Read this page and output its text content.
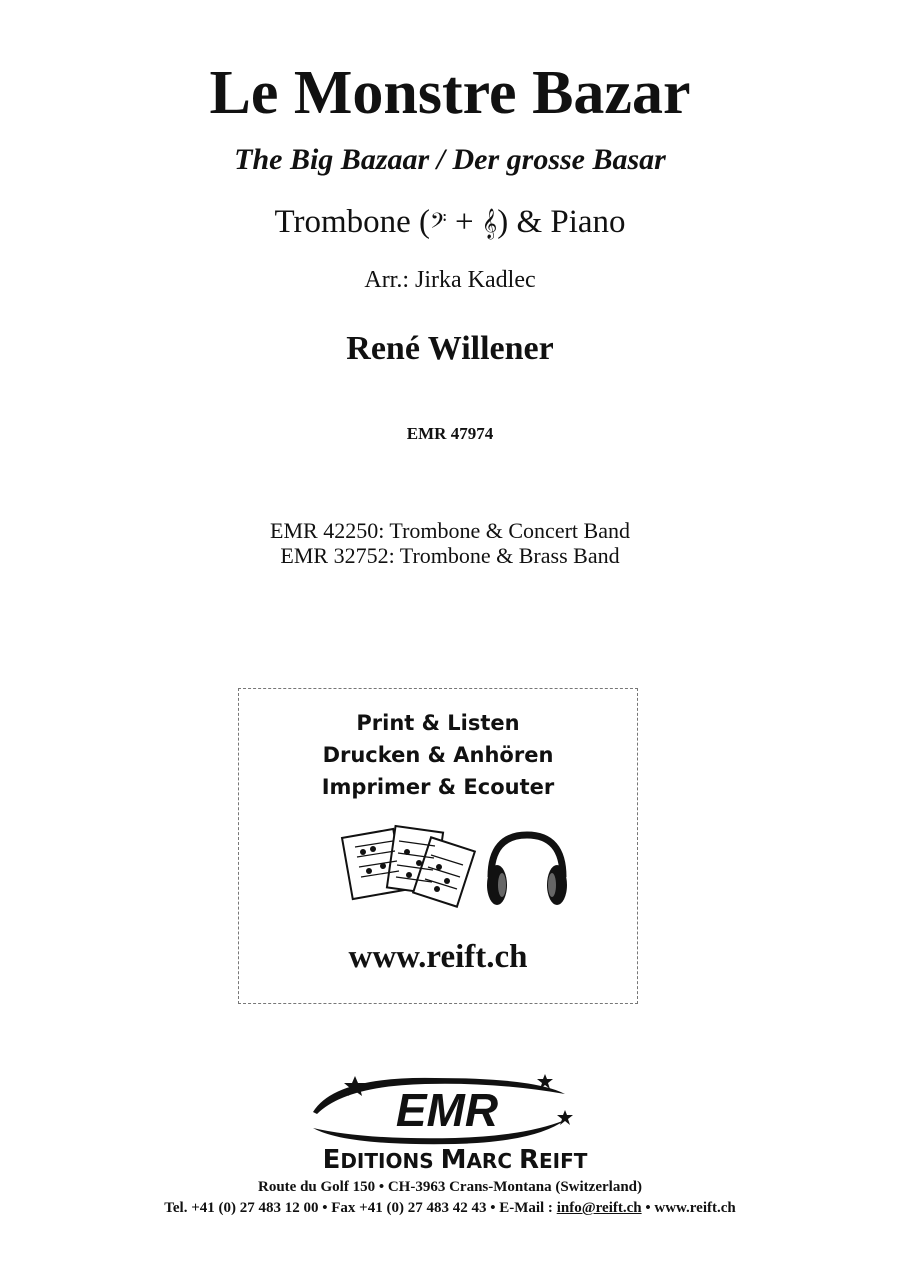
Le Monstre Bazar
The Big Bazaar / Der grosse Basar
Trombone (𝄢 + 𝄞) & Piano
Arr.: Jirka Kadlec
René Willener
EMR 47974
EMR 42250: Trombone & Concert Band
EMR 32752: Trombone & Brass Band
Print & Listen
Drucken & Anhören
Imprimer & Ecouter
www.reift.ch
EMR
EDITIONS MARC REIFT
Route du Golf 150 • CH-3963 Crans-Montana (Switzerland)
Tel. +41 (0) 27 483 12 00 • Fax +41 (0) 27 483 42 43 • E-Mail : info@reift.ch • www.reift.ch
